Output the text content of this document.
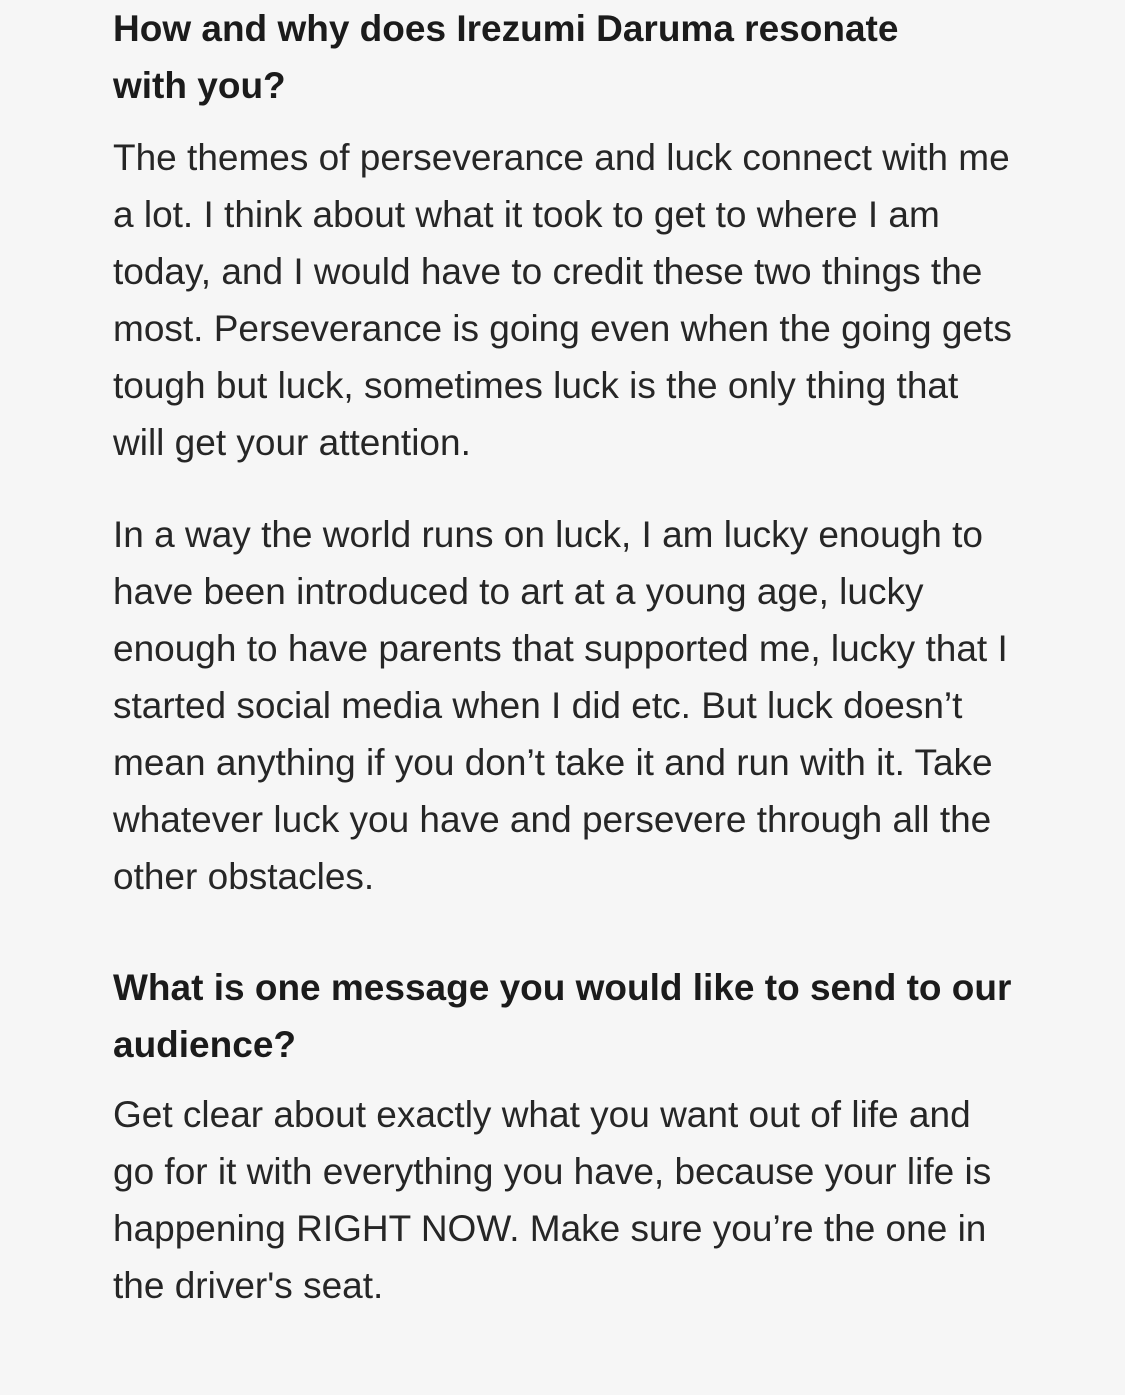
How and why does Irezumi Daruma resonate with you?

The themes of perseverance and luck connect with me a lot. I think about what it took to get to where I am today, and I would have to credit these two things the most. Perseverance is going even when the going gets tough but luck, sometimes luck is the only thing that will get your attention.

In a way the world runs on luck, I am lucky enough to have been introduced to art at a young age, lucky enough to have parents that supported me, lucky that I started social media when I did etc. But luck doesn’t mean anything if you don’t take it and run with it. Take whatever luck you have and persevere through all the other obstacles.

What is one message you would like to send to our audience?

Get clear about exactly what you want out of life and go for it with everything you have, because your life is happening RIGHT NOW. Make sure you’re the one in the driver's seat.
